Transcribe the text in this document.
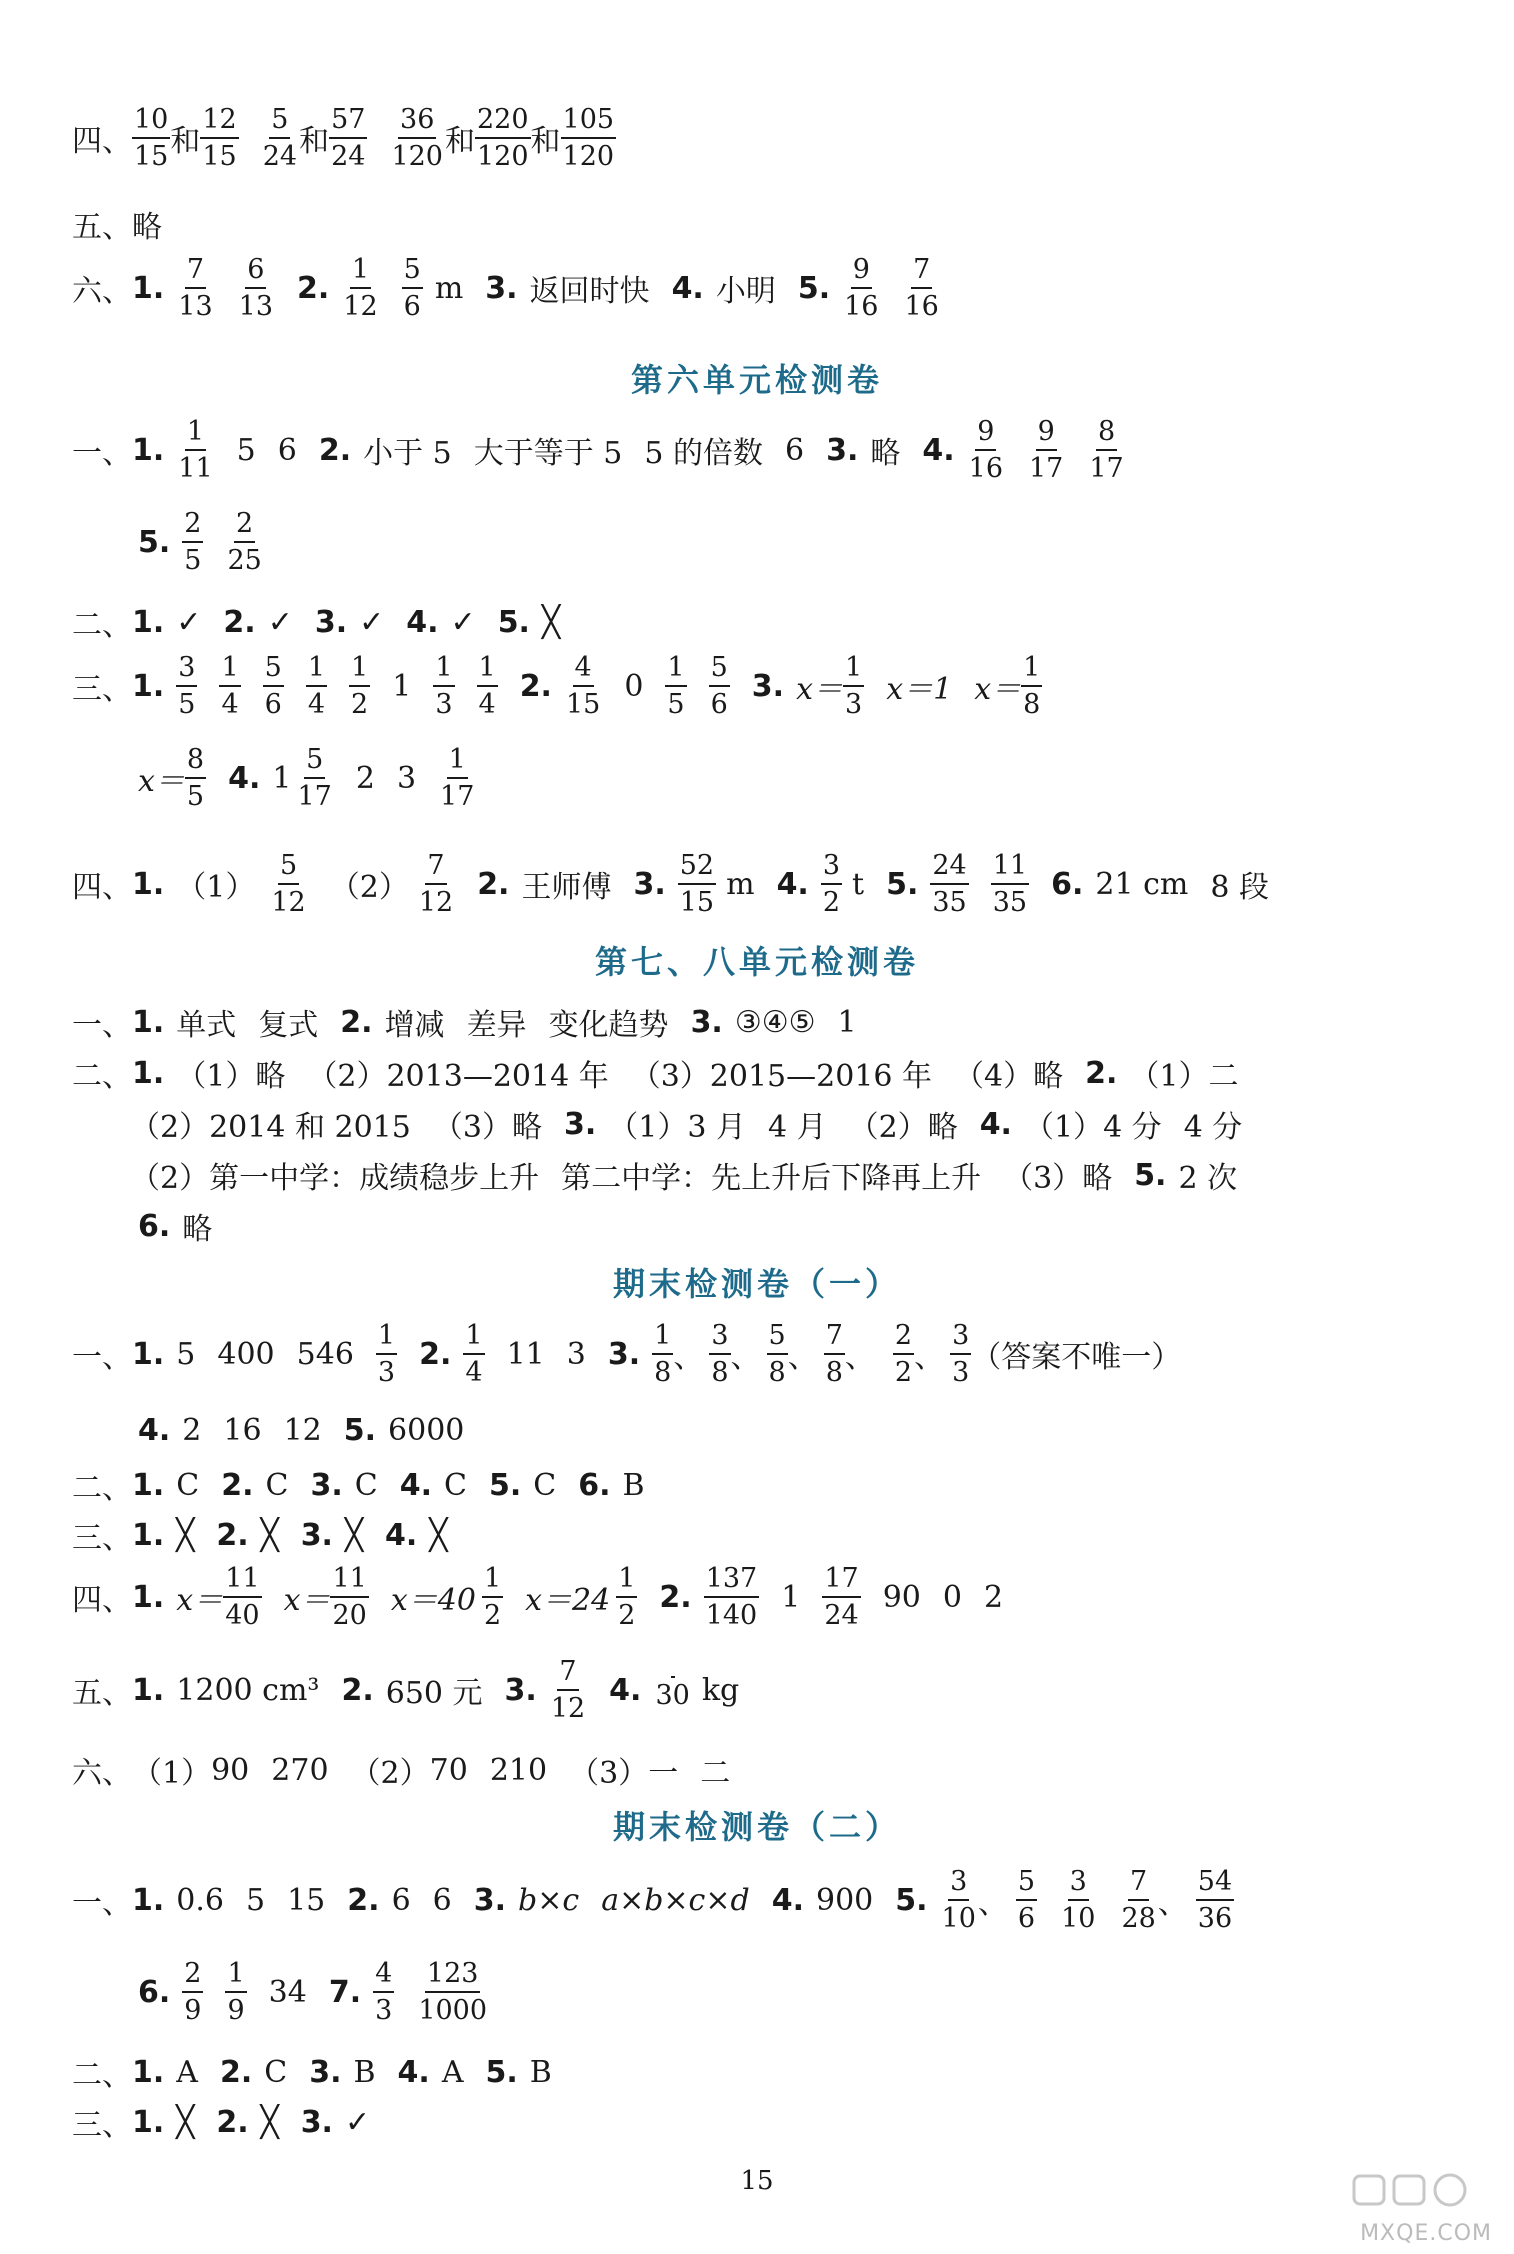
四、 $\frac{10}{15}$ 和 $\frac{12}{15} \frac{5}{24}$ 和 $\frac{57}{24} \frac{36}{120}$ 和 $\frac{220}{120}$ 和 $\frac{105}{120}$
五、 略
六、 1. $\frac{7}{13} \frac{6}{13} 2$. $\frac{1}{12} \frac{5}{6}$ m 3. 返回时快 4. 小明 5. $\frac{9}{16} \frac{7}{16}$
第六单元检测卷
一、 1. $\frac{1}{11} 5$ 6 2. 小于 5 大于等于 5 5 的倍数 6 3. 略 4. $\frac{9}{16} \frac{9}{17} \frac{8}{17}$
5. $\frac{2}{5} \frac{2}{25}$
二、 1. ✓ 2. ✓ 3. ✓ 4. ✓ 5. ╳
三、 1. $\frac{3}{5} \frac{1}{4} \frac{5}{6} \frac{1}{4} \frac{1}{2} 1 \frac{1}{3} \frac{1}{4} 2$. $\frac{4}{15} 0 \frac{1}{5} \frac{5}{6} 3$. $x= \frac{1}{3} x=1$ $x= \frac{1}{8}$
$x= \frac{8}{5} 4$. $1 \frac{5}{17} 2$ $3 \frac{1}{17}$
四、 1. $(1) \frac{5}{12} (2) \frac{7}{12} 2$. 王师傅 3. $\frac{52}{15}$ m 4. $\frac{3}{2}$ t 5. $\frac{24}{35} \frac{11}{35} 6$. 21 cm 8 段
第七、八单元检测卷
一、 1. 单式 复式 2. 增减 差异 变化趋势 3. ③④⑤ 1
二、 1. （1） 略 （2） 2013—2014 年 （3） 2015—2016 年 （4） 略 2. （1） 二
（2） 2014 和 2015 （3） 略 3. （1） 3 月 4 月 （2） 略 4. （1） 4 分 4 分
（2） 第一中学：成绩稳步上升 第二中学：先上升后下降再上升 （3） 略 5. 2 次
6. 略
期末检测卷（一）
一、 1. 5 400 $546 \frac{1}{3} 2$. $\frac{1}{4} 11$ 3 3. $\frac{1}{8}$ 、 $\frac{3}{8}$ 、 $\frac{5}{8}$ 、 $\frac{7}{8}$ 、 $\frac{2}{2}$ 、 $\frac{3}{3}$ （答案不唯一）
4. 2 16 12 5. 6000
二、 1. C 2. C 3. C 4. C 5. C 6. B
三、 1. ╳ 2. ╳ 3. ╳ 4. ╳
四、 1. $x= \frac{11}{40} x= \frac{11}{20} x=40 \frac{1}{2} x=24 \frac{1}{2} 2$. $\frac{137}{140} 1 \frac{17}{24} 90$ 0 2
五、 1. 1200 cm³ 2. 650 元 3. $\frac{7}{12} 4$. 30 kg
六、 （1） 90 270 （2） 70 210 （3） 一 二
期末检测卷（二）
一、 1. 0.6 5 15 2. 6 6 3. b×c a×b×c×d 4. 900 5. $\frac{3}{10}$ 、 $\frac{5}{6} \frac{3}{10} \frac{7}{28}$ 、 $\frac{54}{36}$
6. $\frac{2}{9} \frac{1}{9} 34$ 7. $\frac{4}{3} \frac{123}{1000}$
二、 1. A 2. C 3. B 4. A 5. B
三、 1. ╳ 2. ╳ 3. ✓
15
MXQE.COM
